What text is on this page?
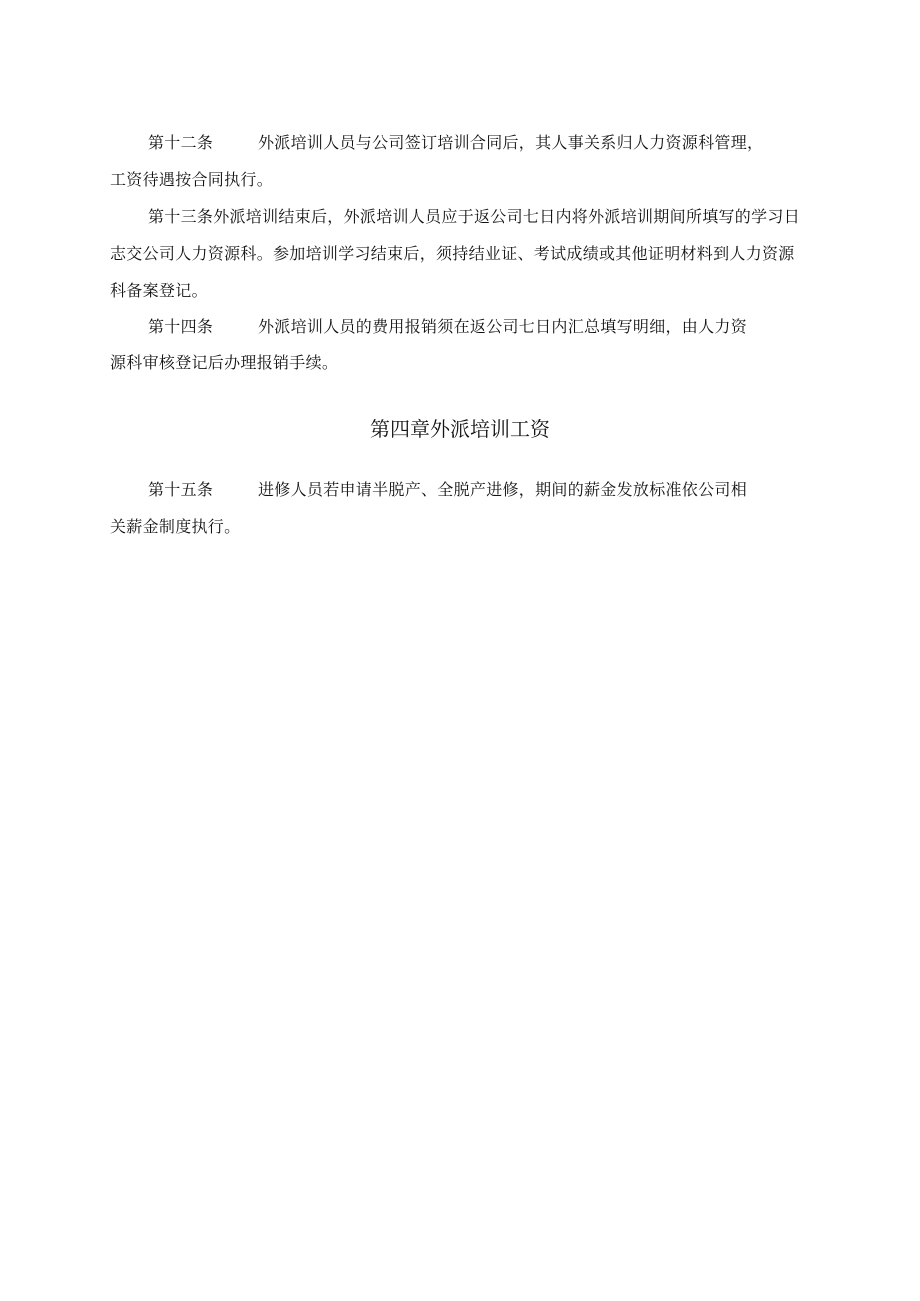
第十二条	外派培训人员与公司签订培训合同后，其人事关系归人力资源科管理，
工资待遇按合同执行。
第十三条外派培训结束后，外派培训人员应于返公司七日内将外派培训期间所填写的学习日
志交公司人力资源科。参加培训学习结束后，须持结业证、考试成绩或其他证明材料到人力资源
科备案登记。
第十四条	外派培训人员的费用报销须在返公司七日内汇总填写明细，由人力资
源科审核登记后办理报销手续。
第四章外派培训工资
第十五条	进修人员若申请半脱产、全脱产进修，期间的薪金发放标准依公司相
关薪金制度执行。
